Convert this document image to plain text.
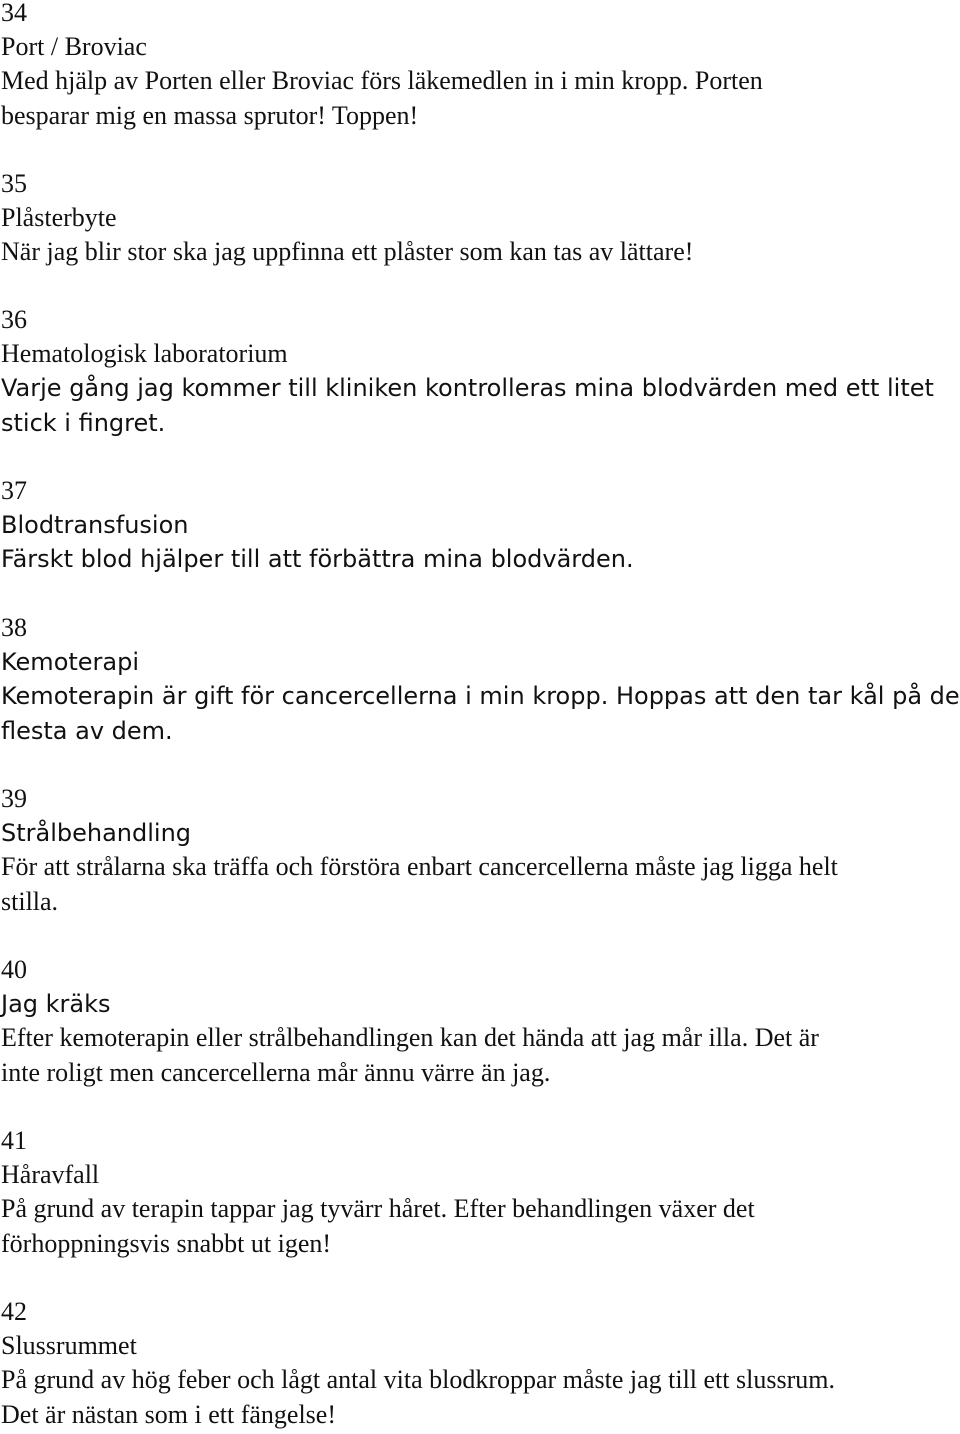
34
Port / Broviac
Med hjälp av Porten eller Broviac förs läkemedlen in i min kropp. Porten
besparar mig en massa sprutor! Toppen!
35
Plåsterbyte
När jag blir stor ska jag uppfinna ett plåster som kan tas av lättare!
36
Hematologisk laboratorium
Varje gång jag kommer till kliniken kontrolleras mina blodvärden med ett litet
stick i fingret.
37
Blodtransfusion
Färskt blod hjälper till att förbättra mina blodvärden.
38
Kemoterapi
Kemoterapin är gift för cancercellerna i min kropp. Hoppas att den tar kål på de
flesta av dem.
39
Strålbehandling
För att strålarna ska träffa och förstöra enbart cancercellerna måste jag ligga helt
stilla.
40
Jag kräks
Efter kemoterapin eller strålbehandlingen kan det hända att jag mår illa. Det är
inte roligt men cancercellerna mår ännu värre än jag.
41
Håravfall
På grund av terapin tappar jag tyvärr håret. Efter behandlingen växer det
förhoppningsvis snabbt ut igen!
42
Slussrummet
På grund av hög feber och lågt antal vita blodkroppar måste jag till ett slussrum.
Det är nästan som i ett fängelse!
